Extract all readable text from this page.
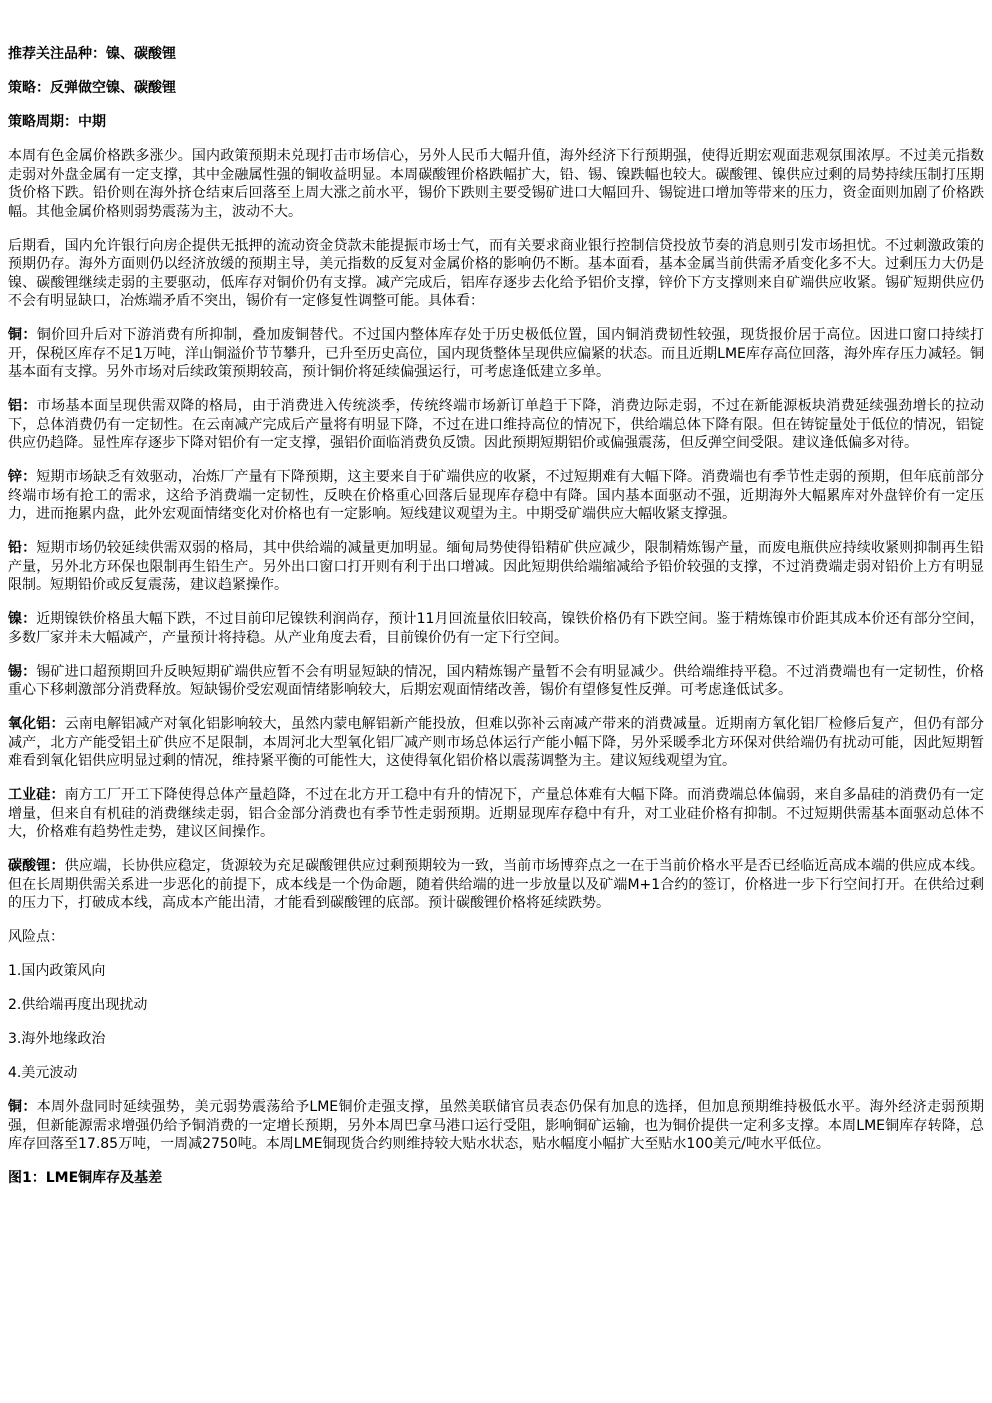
推荐关注品种：镍、碳酸锂
策略：反弹做空镍、碳酸锂
策略周期：中期

本周有色金属价格跌多涨少。国内政策预期未兑现打击市场信心，另外人民币大幅升值，海外经济下行预期强，使得近期宏观面悲观氛围浓厚。不过美元指数走弱对外盘金属有一定支撑，其中金融属性强的铜收益明显。本周碳酸锂价格跌幅扩大，铅、锡、镍跌幅也较大。碳酸锂、镍供应过剩的局势持续压制打压期货价格下跌。铅价则在海外挤仓结束后回落至上周大涨之前水平，锡价下跌则主要受锡矿进口大幅回升、锡锭进口增加等带来的压力，资金面则加剧了价格跌幅。其他金属价格则弱势震荡为主，波动不大。

后期看，国内允许银行向房企提供无抵押的流动资金贷款未能提振市场士气，而有关要求商业银行控制信贷投放节奏的消息则引发市场担忧。不过刺激政策的预期仍存。海外方面则仍以经济放缓的预期主导，美元指数的反复对金属价格的影响仍不断。基本面看，基本金属当前供需矛盾变化多不大。过剩压力大仍是镍、碳酸锂继续走弱的主要驱动，低库存对铜价仍有支撑。减产完成后，铝库存逐步去化给予铝价支撑，锌价下方支撑则来自矿端供应收紧。锡矿短期供应仍不会有明显缺口，冶炼端矛盾不突出，锡价有一定修复性调整可能。具体看：

铜：铜价回升后对下游消费有所抑制，叠加废铜替代。不过国内整体库存处于历史极低位置，国内铜消费韧性较强，现货报价居于高位。因进口窗口持续打开，保税区库存不足1万吨，洋山铜溢价节节攀升，已升至历史高位，国内现货整体呈现供应偏紧的状态。而且近期LME库存高位回落，海外库存压力减轻。铜基本面有支撑。另外市场对后续政策预期较高，预计铜价将延续偏强运行，可考虑逢低建立多单。

铝：市场基本面呈现供需双降的格局，由于消费进入传统淡季，传统终端市场新订单趋于下降，消费边际走弱，不过在新能源板块消费延续强劲增长的拉动下，总体消费仍有一定韧性。在云南减产完成后产量将有明显下降，不过在进口维持高位的情况下，供给端总体下降有限。但在铸锭量处于低位的情况，铝锭供应仍趋降。显性库存逐步下降对铝价有一定支撑，强铝价面临消费负反馈。因此预期短期铝价或偏强震荡，但反弹空间受限。建议逢低偏多对待。

锌：短期市场缺乏有效驱动，冶炼厂产量有下降预期，这主要来自于矿端供应的收紧，不过短期难有大幅下降。消费端也有季节性走弱的预期，但年底前部分终端市场有抢工的需求，这给予消费端一定韧性，反映在价格重心回落后显现库存稳中有降。国内基本面驱动不强，近期海外大幅累库对外盘锌价有一定压力，进而拖累内盘，此外宏观面情绪变化对价格也有一定影响。短线建议观望为主。中期受矿端供应大幅收紧支撑强。

铅：短期市场仍较延续供需双弱的格局，其中供给端的减量更加明显。缅甸局势使得铅精矿供应减少，限制精炼锡产量，而废电瓶供应持续收紧则抑制再生铅产量，另外北方环保也限制再生铅生产。另外出口窗口打开则有利于出口增减。因此短期供给端缩减给予铅价较强的支撑，不过消费端走弱对铅价上方有明显限制。短期铅价或反复震荡，建议趋紧操作。

镍：近期镍铁价格虽大幅下跌，不过目前印尼镍铁利润尚存，预计11月回流量依旧较高，镍铁价格仍有下跌空间。鉴于精炼镍市价距其成本价还有部分空间，多数厂家并未大幅减产，产量预计将持稳。从产业角度去看，目前镍价仍有一定下行空间。

锡：锡矿进口超预期回升反映短期矿端供应暂不会有明显短缺的情况，国内精炼锡产量暂不会有明显减少。供给端维持平稳。不过消费端也有一定韧性，价格重心下移刺激部分消费释放。短缺锡价受宏观面情绪影响较大，后期宏观面情绪改善，锡价有望修复性反弹。可考虑逢低试多。

氧化铝：云南电解铝减产对氧化铝影响较大，虽然内蒙电解铝新产能投放，但难以弥补云南减产带来的消费减量。近期南方氧化铝厂检修后复产，但仍有部分减产，北方产能受铝土矿供应不足限制，本周河北大型氧化铝厂减产则市场总体运行产能小幅下降，另外采暖季北方环保对供给端仍有扰动可能，因此短期暂难看到氧化铝供应明显过剩的情况，维持紧平衡的可能性大，这使得氧化铝价格以震荡调整为主。建议短线观望为宜。

工业硅：南方工厂开工下降使得总体产量趋降，不过在北方开工稳中有升的情况下，产量总体难有大幅下降。而消费端总体偏弱，来自多晶硅的消费仍有一定增量，但来自有机硅的消费继续走弱，铝合金部分消费也有季节性走弱预期。近期显现库存稳中有升，对工业硅价格有抑制。不过短期供需基本面驱动总体不大，价格难有趋势性走势，建议区间操作。

碳酸锂：供应端，长协供应稳定，货源较为充足碳酸锂供应过剩预期较为一致，当前市场博弈点之一在于当前价格水平是否已经临近高成本端的供应成本线。但在长周期供需关系进一步恶化的前提下，成本线是一个伪命题，随着供给端的进一步放量以及矿端M+1合约的签订，价格进一步下行空间打开。在供给过剩的压力下，打破成本线，高成本产能出清，才能看到碳酸锂的底部。预计碳酸锂价格将延续跌势。

风险点：
1.国内政策风向
2.供给端再度出现扰动
3.海外地缘政治
4.美元波动

铜：本周外盘同时延续强势，美元弱势震荡给予LME铜价走强支撑，虽然美联储官员表态仍保有加息的选择，但加息预期维持极低水平。海外经济走弱预期强，但新能源需求增强仍给予铜消费的一定增长预期，另外本周巴拿马港口运行受阻，影响铜矿运输，也为铜价提供一定利多支撑。本周LME铜库存转降，总库存回落至17.85万吨，一周减2750吨。本周LME铜现货合约则维持较大贴水状态，贴水幅度小幅扩大至贴水100美元/吨水平低位。

图1：LME铜库存及基差
